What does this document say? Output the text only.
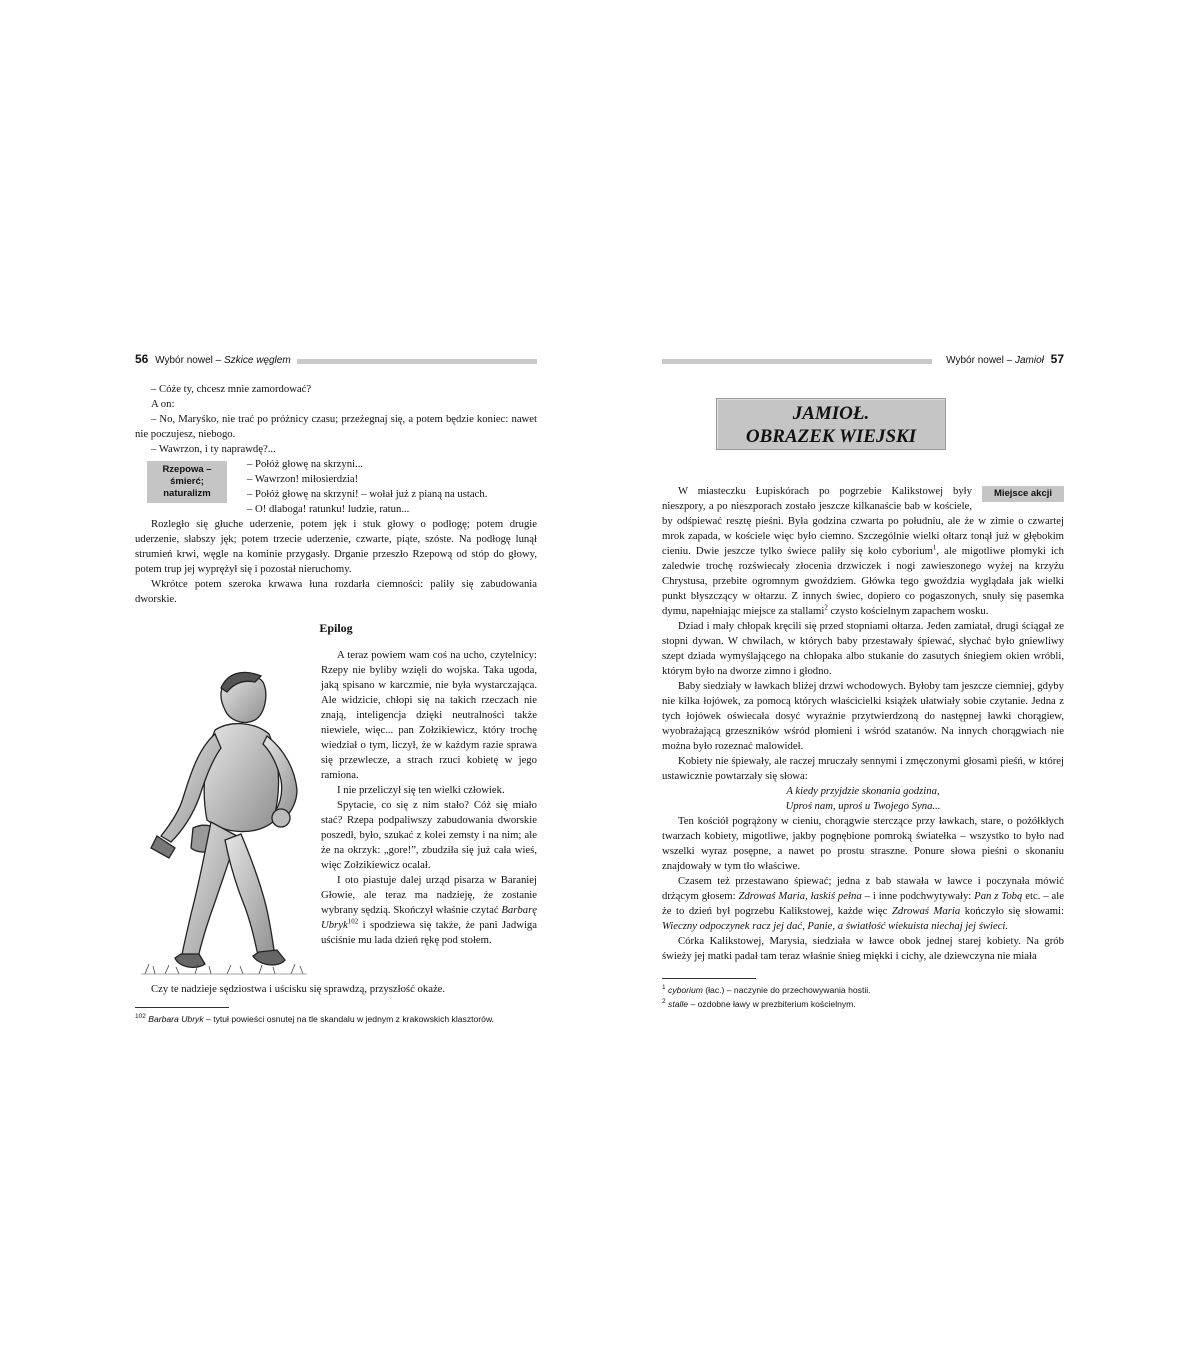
56 Wybór nowel – Szkice węglem
– Cóże ty, chcesz mnie zamordować?
A on:

– No, Maryśko, nie trać po próżnicy czasu; przeżegnaj się, a potem będzie koniec: nawet nie poczujesz, niebogo.

– Wawrzon, i ty naprawdę?...
Rzepowa – śmierć; naturalizm
– Połóż głowę na skrzyni...
– Wawrzon! miłosierdzia!
– Połóż głowę na skrzyni! – wołał już z pianą na ustach.
– O! dlaboga! ratunku! ludzie, ratun...

Rozległo się głuche uderzenie, potem jęk i stuk głowy o podłogę; potem drugie uderzenie, słabszy jęk; potem trzecie uderzenie, czwarte, piąte, szóste. Na podłogę lunął strumień krwi, węgle na kominie przygasły. Drganie przeszło Rzepową od stóp do głowy, potem trup jej wyprężył się i pozostał nieruchomy.

Wkrótce potem szeroka krwawa łuna rozdarła ciemności: paliły się zabudowania dworskie.

Epilog

A teraz powiem wam coś na ucho, czytelnicy: Rzepy nie byliby wzięli do wojska. Taka ugoda, jaką spisano w karczmie, nie była wystarczająca. Ale widzicie, chłopi się na takich rzeczach nie znają, inteligencja dzięki neutralności także niewiele, więc... pan Zołzikiewicz, który trochę wiedział o tym, liczył, że w każdym razie sprawa się przewlecze, a strach rzuci kobietę w jego ramiona.

I nie przeliczył się ten wielki człowiek.

Spytacie, co się z nim stało? Cóż się miało stać? Rzepa podpaliwszy zabudowania dworskie poszedł, było, szukać z kolei zemsty i na nim; ale że na okrzyk: „gore!”, zbudziła się już cała wieś, więc Zołzikiewicz ocalał.

I oto piastuje dalej urząd pisarza w Baraniej Głowie, ale teraz ma nadzieję, że zostanie wybrany sędzią. Skończył właśnie czytać Barbarę Ubryk$^{102}$ i spodziewa się także, że pani Jadwiga uściśnie mu lada dzień rękę pod stołem.

Czy te nadzieje sędziostwa i uścisku się sprawdzą, przyszłość okaże.

$^{102}$ Barbara Ubryk – tytuł powieści osnutej na tle skandalu w jednym z krakowskich klasztorów.
Wybór nowel – Jamioł 57
JAMIOŁ.
OBRAZEK WIEJSKI
Miejsce akcji

W miasteczku Łupiskórach po pogrzebie Kalikstowej były nieszpory, a po nieszporach zostało jeszcze kilkanaście bab w kościele, by odśpiewać resztę pieśni. Była godzina czwarta po południu, ale że w zimie o czwartej mrok zapada, w kościele więc było ciemno. Szczególnie wielki ołtarz tonął już w głębokim cieniu. Dwie jeszcze tylko świece paliły się koło cyborium$^1$, ale migotliwe płomyki ich zaledwie trochę rozświecały złocenia drzwiczek i nogi zawieszonego wyżej na krzyżu Chrystusa, przebite ogromnym gwoździem. Główka tego gwoździa wyglądała jak wielki punkt błyszczący w ołtarzu. Z innych świec, dopiero co pogaszonych, snuły się pasemka dymu, napełniając miejsce za stallami$^2$ czysto kościelnym zapachem wosku.

Dziad i mały chłopak kręcili się przed stopniami ołtarza. Jeden zamiatał, drugi ściągał ze stopni dywan. W chwilach, w których baby przestawały śpiewać, słychać było gniewliwy szept dziada wymyślającego na chłopaka albo stukanie do zasutych śniegiem okien wróbli, którym było na dworze zimno i głodno.

Baby siedziały w ławkach bliżej drzwi wchodowych. Byłoby tam jeszcze ciemniej, gdyby nie kilka łojówek, za pomocą których właścicielki książek ułatwiały sobie czytanie. Jedna z tych łojówek oświecała dosyć wyraźnie przytwierdzoną do następnej ławki chorągiew, wyobrażającą grzeszników wśród płomieni i wśród szatanów. Na innych chorągwiach nie można było rozeznać malowideł.

Kobiety nie śpiewały, ale raczej mruczały sennymi i zmęczonymi głosami pieśń, w której ustawicznie powtarzały się słowa:

A kiedy przyjdzie skonania godzina,
Uproś nam, uproś u Twojego Syna...

Ten kościół pogrążony w cieniu, chorągwie sterczące przy ławkach, stare, o pożółkłych twarzach kobiety, migotliwe, jakby pognębione pomroką światełka – wszystko to było nad wszelki wyraz posępne, a nawet po prostu straszne. Ponure słowa pieśni o skonaniu znajdowały w tym tło właściwe.

Czasem też przestawano śpiewać; jedna z bab stawała w ławce i poczynała mówić drżącym głosem: Zdrowaś Maria, łaskiś pełna – i inne podchwytywały: Pan z Tobą etc. – ale że to dzień był pogrzebu Kalikstowej, każde więc Zdrowaś Maria kończyło się słowami: Wieczny odpoczynek racz jej dać, Panie, a światłość wiekuista niechaj jej świeci.

Córka Kalikstowej, Marysia, siedziała w ławce obok jednej starej kobiety. Na grób świeży jej matki padał tam teraz właśnie śnieg miękki i cichy, ale dziewczyna nie miała

$^1$ cyborium (łac.) – naczynie do przechowywania hostii.
$^2$ stalle – ozdobne ławy w prezbiterium kościelnym.
